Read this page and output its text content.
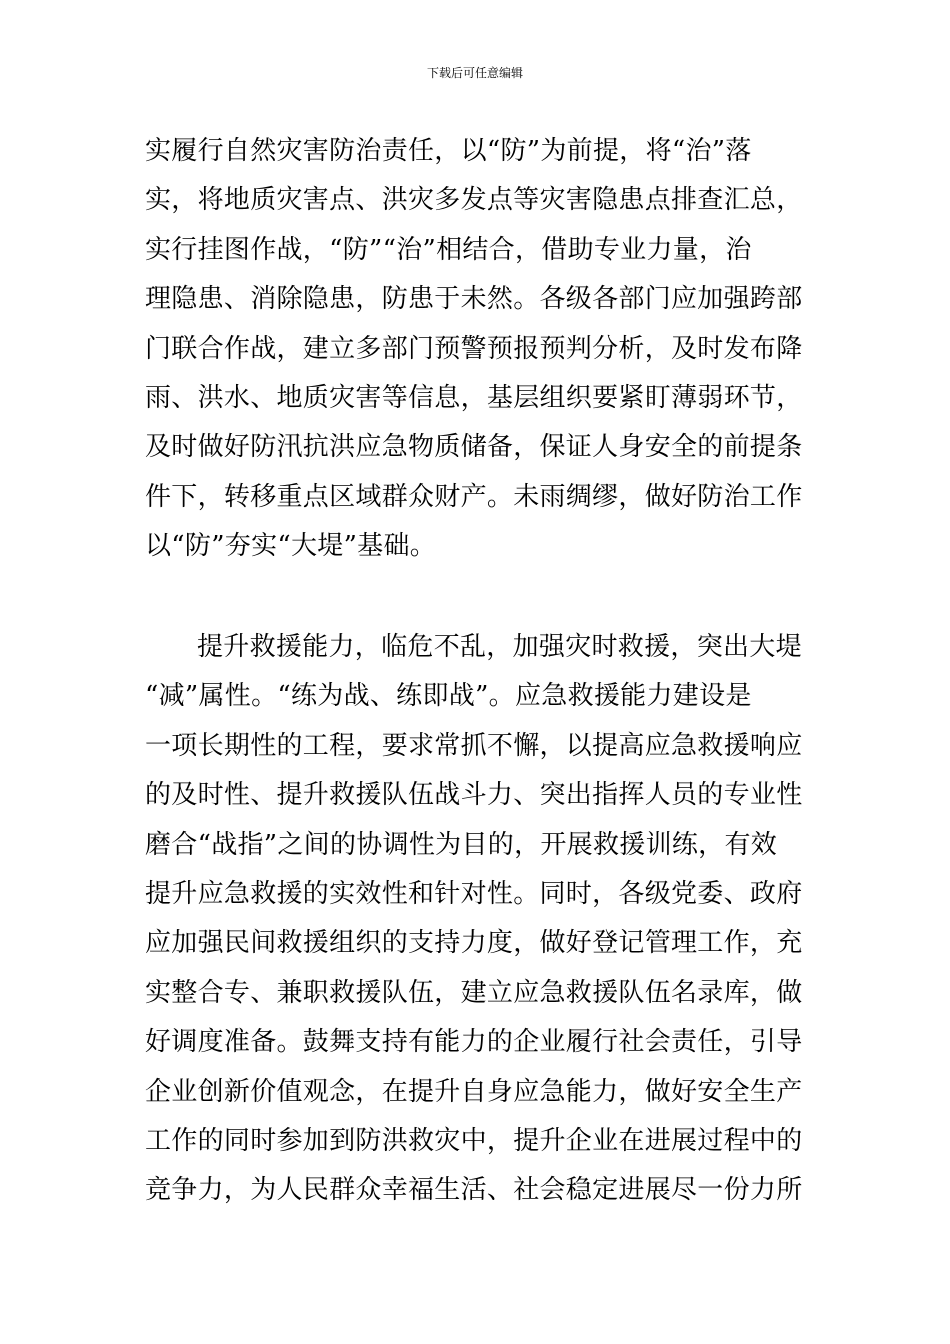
下载后可任意编辑
实履行自然灾害防治责任，以“防”为前提，将“治”落
实，将地质灾害点、洪灾多发点等灾害隐患点排查汇总，
实行挂图作战，“防”“治”相结合，借助专业力量，治
理隐患、消除隐患，防患于未然。各级各部门应加强跨部
门联合作战，建立多部门预警预报预判分析，及时发布降
雨、洪水、地质灾害等信息，基层组织要紧盯薄弱环节，
及时做好防汛抗洪应急物质储备，保证人身安全的前提条
件下，转移重点区域群众财产。未雨绸缪，做好防治工作
以“防”夯实“大堤”基础。
提升救援能力，临危不乱，加强灾时救援，突出大堤
“减”属性。“练为战、练即战”。应急救援能力建设是
一项长期性的工程，要求常抓不懈，以提高应急救援响应
的及时性、提升救援队伍战斗力、突出指挥人员的专业性
磨合“战指”之间的协调性为目的，开展救援训练，有效
提升应急救援的实效性和针对性。同时，各级党委、政府
应加强民间救援组织的支持力度，做好登记管理工作，充
实整合专、兼职救援队伍，建立应急救援队伍名录库，做
好调度准备。鼓舞支持有能力的企业履行社会责任，引导
企业创新价值观念，在提升自身应急能力，做好安全生产
工作的同时参加到防洪救灾中，提升企业在进展过程中的
竞争力，为人民群众幸福生活、社会稳定进展尽一份力所
